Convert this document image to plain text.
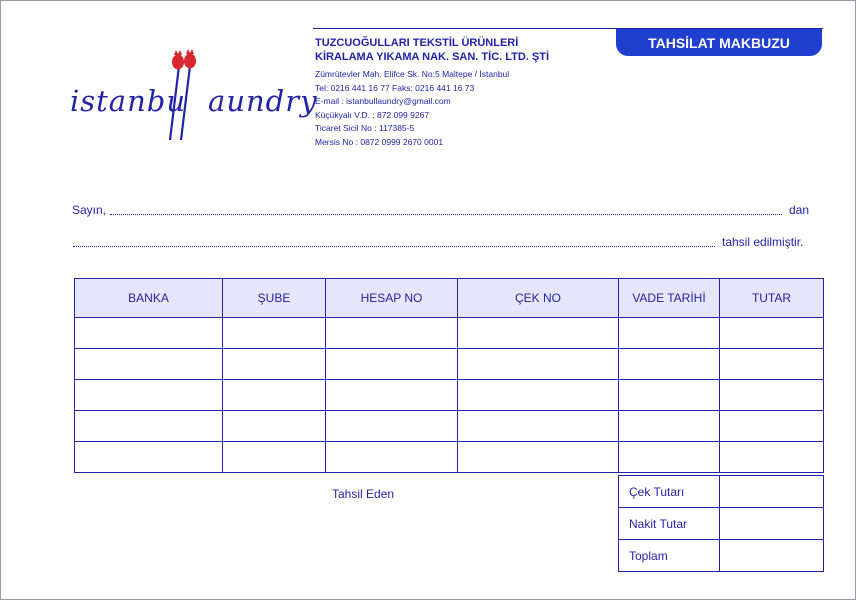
istanbu aundry
TUZCUOĞULLARI TEKSTİL ÜRÜNLERİ
KİRALAMA YIKAMA NAK. SAN. TİC. LTD. ŞTİ
Zümrütevler Mah. Elifce Sk. No:5 Maltepe / İstanbul
Tel: 0216 441 16 77 Faks: 0216 441 16 73
E-mail : istanbullaundry@gmail.com
Küçükyalı V.D. : 872 099 9267
Ticaret Sicil No : 117385-5
Mersis No : 0872 0999 2670 0001
TAHSİLAT MAKBUZU
Sayın,	dan
tahsil edilmiştir.
BANKA	ŞUBE	HESAP NO	ÇEK NO	VADE TARİHİ	TUTAR

Tahsil Eden	Çek Tutarı	
Nakit Tutar	
Toplam	
